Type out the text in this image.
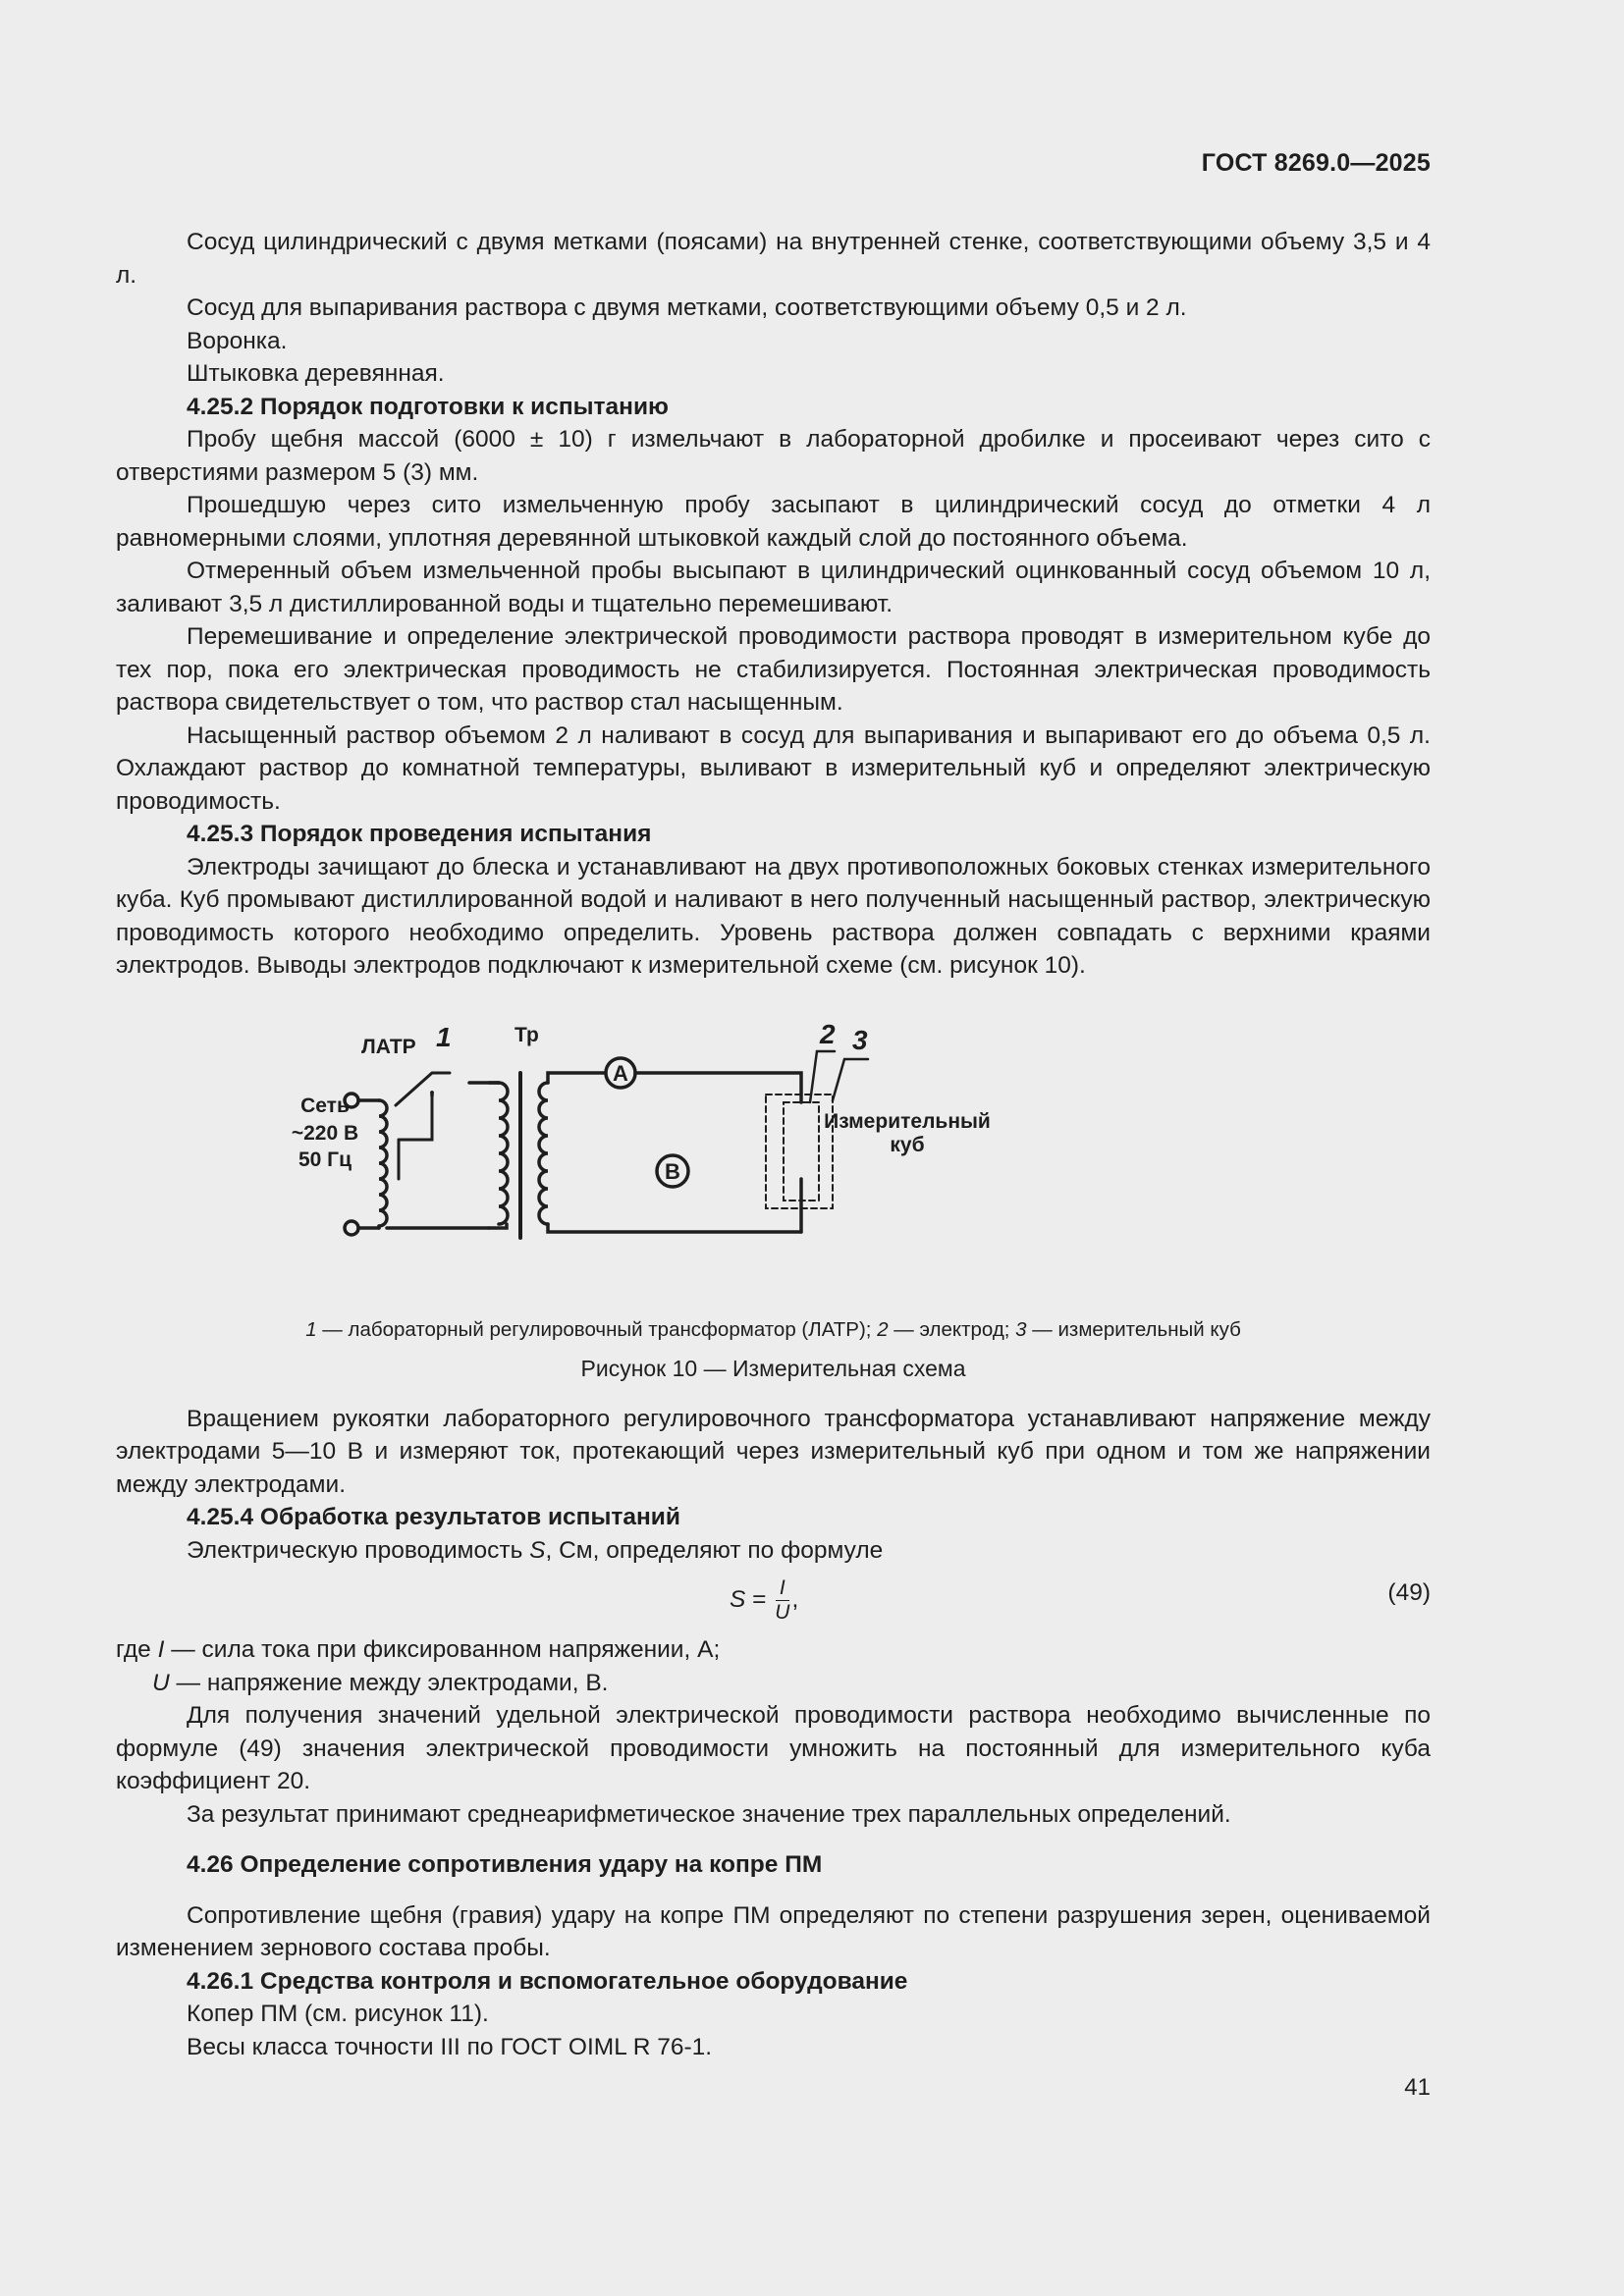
ГОСТ 8269.0—2025

Сосуд цилиндрический с двумя метками (поясами) на внутренней стенке, соответствующими объему 3,5 и 4 л.

Сосуд для выпаривания раствора с двумя метками, соответствующими объему 0,5 и 2 л.

Воронка.

Штыковка деревянная.

4.25.2 Порядок подготовки к испытанию

Пробу щебня массой (6000 ± 10) г измельчают в лабораторной дробилке и просеивают через сито с отверстиями размером 5 (3) мм.

Прошедшую через сито измельченную пробу засыпают в цилиндрический сосуд до отметки 4 л равномерными слоями, уплотняя деревянной штыковкой каждый слой до постоянного объема.

Отмеренный объем измельченной пробы высыпают в цилиндрический оцинкованный сосуд объемом 10 л, заливают 3,5 л дистиллированной воды и тщательно перемешивают.

Перемешивание и определение электрической проводимости раствора проводят в измерительном кубе до тех пор, пока его электрическая проводимость не стабилизируется. Постоянная электрическая проводимость раствора свидетельствует о том, что раствор стал насыщенным.

Насыщенный раствор объемом 2 л наливают в сосуд для выпаривания и выпаривают его до объема 0,5 л. Охлаждают раствор до комнатной температуры, выливают в измерительный куб и определяют электрическую проводимость.

4.25.3 Порядок проведения испытания

Электроды зачищают до блеска и устанавливают на двух противоположных боковых стенках измерительного куба. Куб промывают дистиллированной водой и наливают в него полученный насыщенный раствор, электрическую проводимость которого необходимо определить. Уровень раствора должен совпадать с верхними краями электродов. Выводы электродов подключают к измерительной схеме (см. рисунок 10).

ЛАТР 1	Тр	2 3
Сеть
~220 В
50 Гц
A
B
Измерительный
куб
1 — лабораторный регулировочный трансформатор (ЛАТР); 2 — электрод; 3 — измерительный куб
Рисунок 10 — Измерительная схема

Вращением рукоятки лабораторного регулировочного трансформатора устанавливают напряжение между электродами 5—10 В и измеряют ток, протекающий через измерительный куб при одном и том же напряжении между электродами.

4.25.4 Обработка результатов испытаний

Электрическую проводимость S, См, определяют по формуле

$S = \frac{I}{U}$ ,	(49)

где I — сила тока при фиксированном напряжении, А;

U — напряжение между электродами, В.

Для получения значений удельной электрической проводимости раствора необходимо вычисленные по формуле (49) значения электрической проводимости умножить на постоянный для измерительного куба коэффициент 20.

За результат принимают среднеарифметическое значение трех параллельных определений.

4.26 Определение сопротивления удару на копре ПМ

Сопротивление щебня (гравия) удару на копре ПМ определяют по степени разрушения зерен, оцениваемой изменением зернового состава пробы.

4.26.1 Средства контроля и вспомогательное оборудование

Копер ПМ (см. рисунок 11).

Весы класса точности III по ГОСТ OIML R 76-1.

41
